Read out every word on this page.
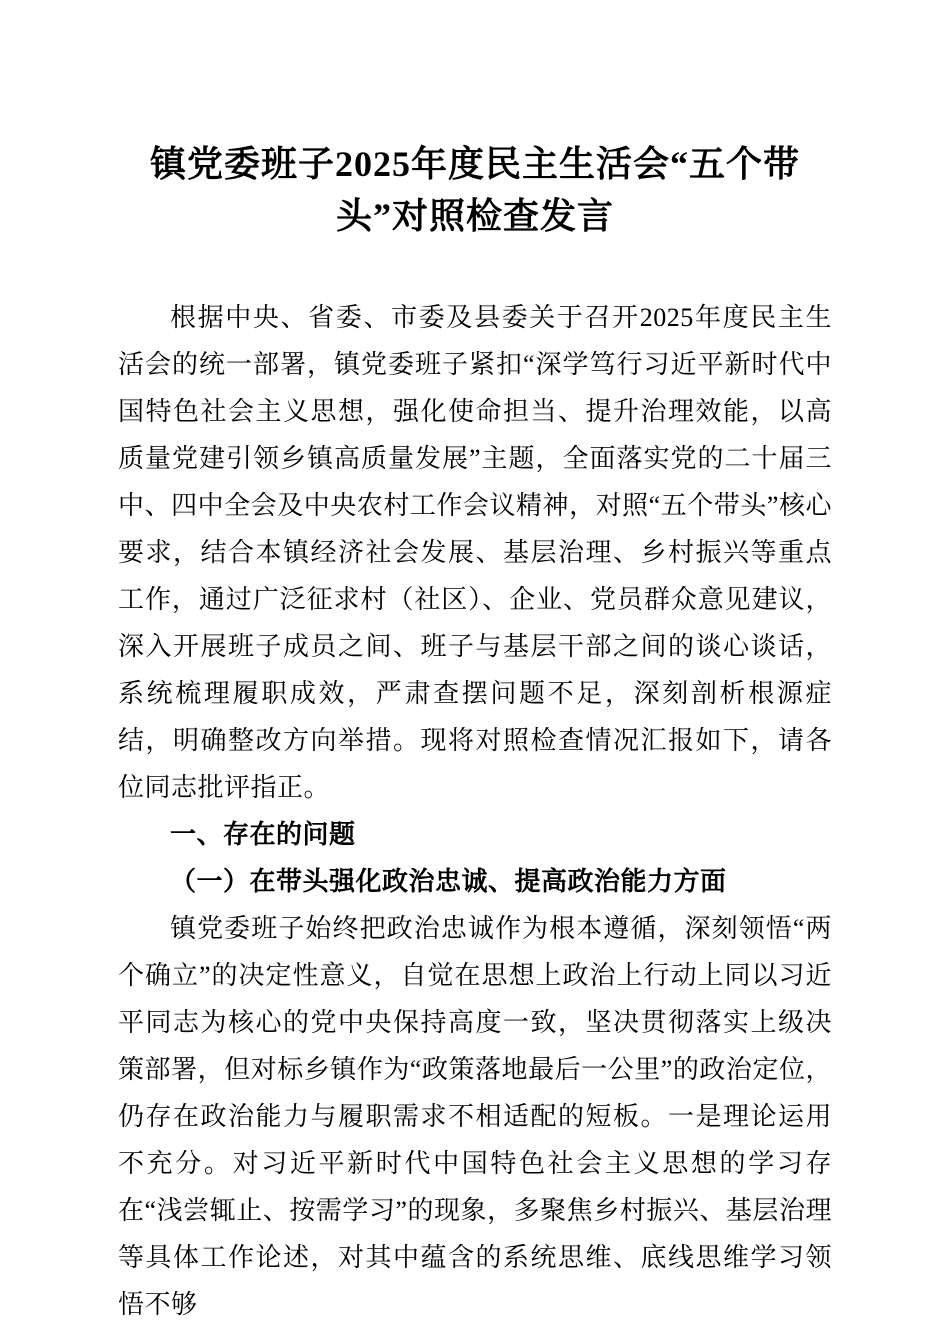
镇党委班子2025年度民主生活会“五个带头”对照检查发言

根据中央、省委、市委及县委关于召开2025年度民主生活会的统一部署，镇党委班子紧扣“深学笃行习近平新时代中国特色社会主义思想，强化使命担当、提升治理效能，以高质量党建引领乡镇高质量发展”主题，全面落实党的二十届三中、四中全会及中央农村工作会议精神，对照“五个带头”核心要求，结合本镇经济社会发展、基层治理、乡村振兴等重点工作，通过广泛征求村（社区）、企业、党员群众意见建议，深入开展班子成员之间、班子与基层干部之间的谈心谈话，系统梳理履职成效，严肃查摆问题不足，深刻剖析根源症结，明确整改方向举措。现将对照检查情况汇报如下，请各位同志批评指正。

一、存在的问题

（一）在带头强化政治忠诚、提高政治能力方面

镇党委班子始终把政治忠诚作为根本遵循，深刻领悟“两个确立”的决定性意义，自觉在思想上政治上行动上同以习近平同志为核心的党中央保持高度一致，坚决贯彻落实上级决策部署，但对标乡镇作为“政策落地最后一公里”的政治定位，仍存在政治能力与履职需求不相适配的短板。一是理论运用不充分。对习近平新时代中国特色社会主义思想的学习存在“浅尝辄止、按需学习”的现象，多聚焦乡村振兴、基层治理等具体工作论述，对其中蕴含的系统思维、底线思维学习领悟不够
